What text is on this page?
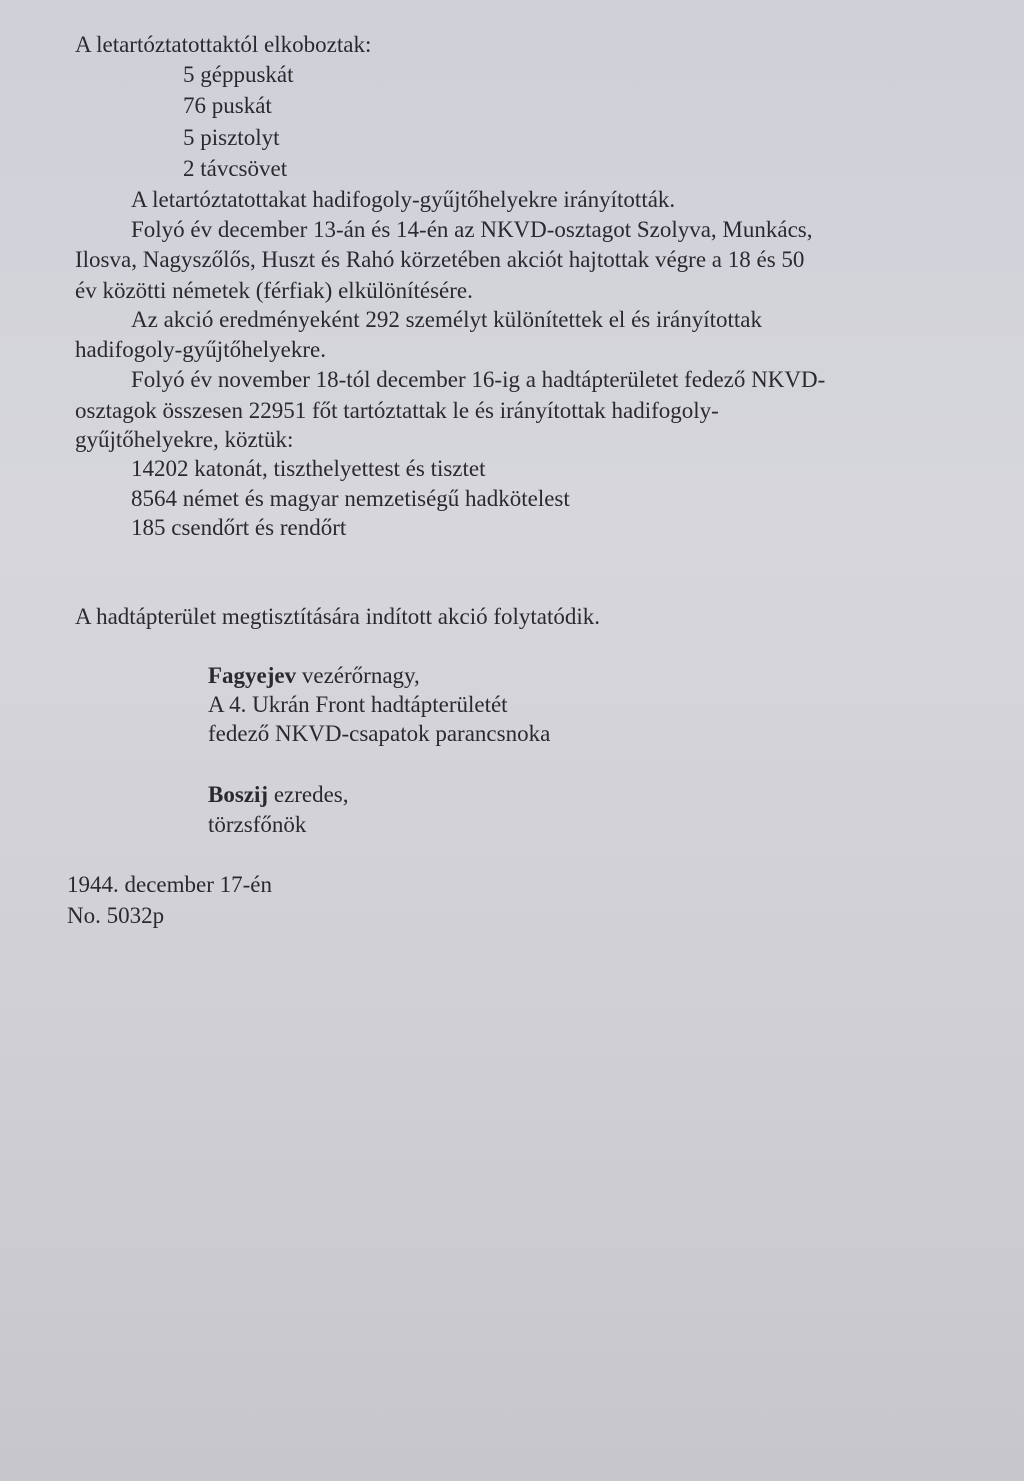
A letartóztatottaktól elkoboztak:
5 géppuskát
76 puskát
5 pisztolyt
2 távcsövet
A letartóztatottakat hadifogoly-gyűjtőhelyekre irányították.
Folyó év december 13-án és 14-én az NKVD-osztagot Szolyva, Munkács,
Ilosva, Nagyszőlős, Huszt és Rahó körzetében akciót hajtottak végre a 18 és 50
év közötti németek (férfiak) elkülönítésére.
Az akció eredményeként 292 személyt különítettek el és irányítottak
hadifogoly-gyűjtőhelyekre.
Folyó év november 18-tól december 16-ig a hadtápterületet fedező NKVD-
osztagok összesen 22951 főt tartóztattak le és irányítottak hadifogoly-
gyűjtőhelyekre, köztük:
14202 katonát, tiszthelyettest és tisztet
8564 német és magyar nemzetiségű hadkötelest
185 csendőrt és rendőrt
A hadtápterület megtisztítására indított akció folytatódik.
Fagyejev vezérőrnagy,
A 4. Ukrán Front hadtápterületét
fedező NKVD-csapatok parancsnoka
Boszij ezredes,
törzsfőnök
1944. december 17-én
No. 5032p
